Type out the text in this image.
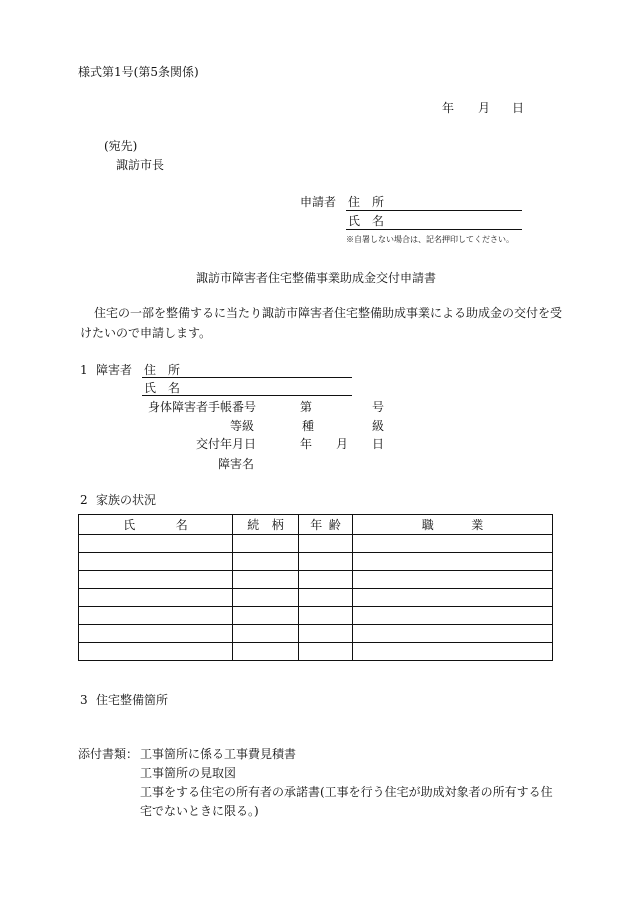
様式第1号(第5条関係)
年 月 日
(宛先)
諏訪市長
申請者 住　所
氏　名
※自署しない場合は、記名押印してください。
諏訪市障害者住宅整備事業助成金交付申請書
住宅の一部を整備するに当たり諏訪市障害者住宅整備助成事業による助成金の交付を受
けたいので申請します。
1 障害者 住　所
氏　名
身体障害者手帳番号	第	号
等級	種	級
交付年月日	年 月 日
障害名
2 家族の状況
氏 名	続 柄	年 齢	職 業

3 住宅整備箇所
添付書類： 工事箇所に係る工事費見積書
工事箇所の見取図
工事をする住宅の所有者の承諾書(工事を行う住宅が助成対象者の所有する住
宅でないときに限る。)
